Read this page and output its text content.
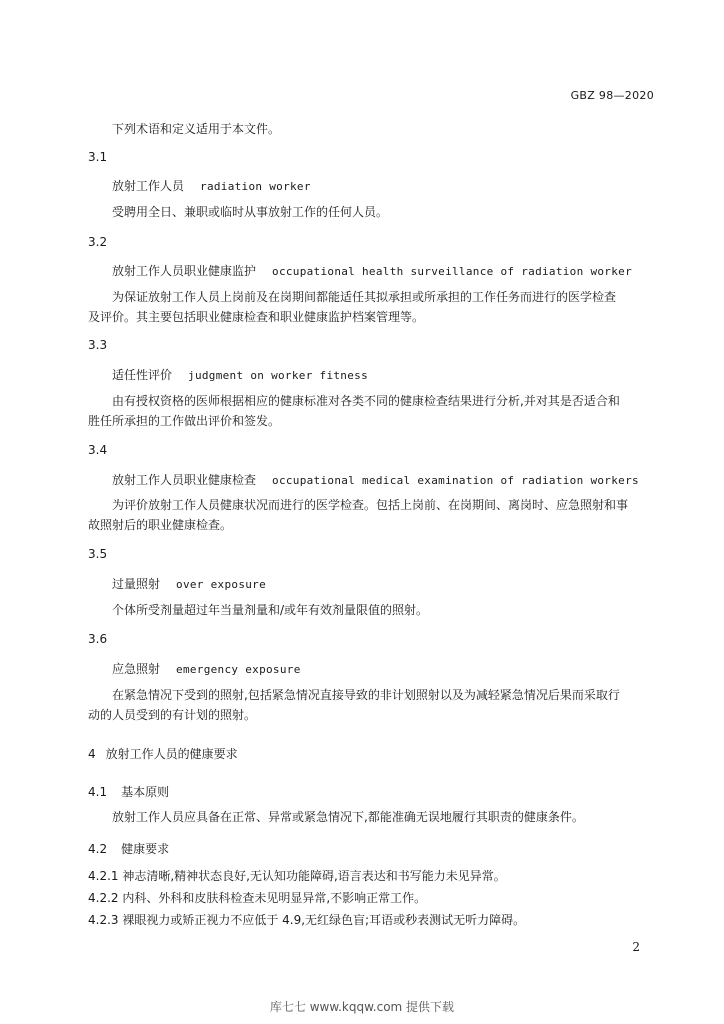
GBZ 98—2020
下列术语和定义适用于本文件。
3.1
放射工作人员 radiation worker
受聘用全日、兼职或临时从事放射工作的任何人员。
3.2
放射工作人员职业健康监护 occupational health surveillance of radiation worker
为保证放射工作人员上岗前及在岗期间都能适任其拟承担或所承担的工作任务而进行的医学检查
及评价。其主要包括职业健康检查和职业健康监护档案管理等。
3.3
适任性评价 judgment on worker fitness
由有授权资格的医师根据相应的健康标准对各类不同的健康检查结果进行分析,并对其是否适合和
胜任所承担的工作做出评价和签发。
3.4
放射工作人员职业健康检查 occupational medical examination of radiation workers
为评价放射工作人员健康状况而进行的医学检查。包括上岗前、在岗期间、离岗时、应急照射和事
故照射后的职业健康检查。
3.5
过量照射 over exposure
个体所受剂量超过年当量剂量和/或年有效剂量限值的照射。
3.6
应急照射 emergency exposure
在紧急情况下受到的照射,包括紧急情况直接导致的非计划照射以及为减轻紧急情况后果而采取行
动的人员受到的有计划的照射。
4 放射工作人员的健康要求
4.1 基本原则
放射工作人员应具备在正常、异常或紧急情况下,都能准确无误地履行其职责的健康条件。
4.2 健康要求
4.2.1 神志清晰,精神状态良好,无认知功能障碍,语言表达和书写能力未见异常。
4.2.2 内科、外科和皮肤科检查未见明显异常,不影响正常工作。
4.2.3 裸眼视力或矫正视力不应低于 4.9,无红绿色盲;耳语或秒表测试无听力障碍。
2
库七七 www.kqqw.com 提供下载
